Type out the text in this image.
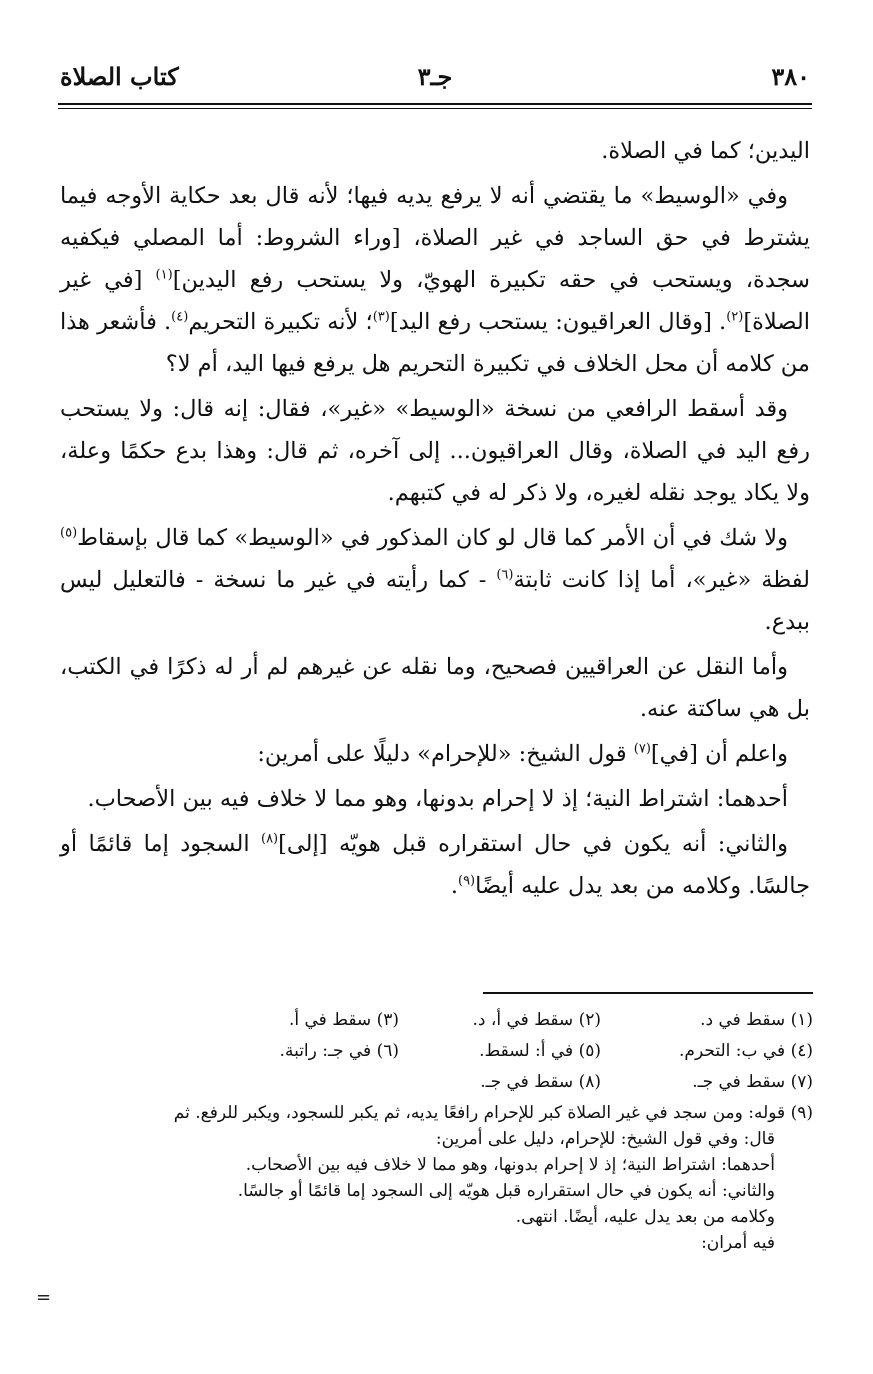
٣٨٠
جـ٣
كتاب الصلاة

اليدين؛ كما في الصلاة.

وفي «الوسيط» ما يقتضي أنه لا يرفع يديه فيها؛ لأنه قال بعد حكاية الأوجه فيما يشترط في حق الساجد في غير الصلاة، [وراء الشروط: أما المصلي فيكفيه سجدة، ويستحب في حقه تكبيرة الهويّ، ولا يستحب رفع اليدين]$^{(١)}$ [في غير الصلاة]$^{(٢)}$. [وقال العراقيون: يستحب رفع اليد]$^{(٣)}$؛ لأنه تكبيرة التحريم$^{(٤)}$. فأشعر هذا من كلامه أن محل الخلاف في تكبيرة التحريم هل يرفع فيها اليد، أم لا؟

وقد أسقط الرافعي من نسخة «الوسيط» «غير»، فقال: إنه قال: ولا يستحب رفع اليد في الصلاة، وقال العراقيون... إلى آخره، ثم قال: وهذا بدع حكمًا وعلة، ولا يكاد يوجد نقله لغيره، ولا ذكر له في كتبهم.

ولا شك في أن الأمر كما قال لو كان المذكور في «الوسيط» كما قال بإسقاط$^{(٥)}$ لفظة «غير»، أما إذا كانت ثابتة$^{(٦)}$ - كما رأيته في غير ما نسخة - فالتعليل ليس ببدع.

وأما النقل عن العراقيين فصحيح، وما نقله عن غيرهم لم أر له ذكرًا في الكتب، بل هي ساكتة عنه.

واعلم أن [في]$^{(٧)}$ قول الشيخ: «للإحرام» دليلًا على أمرين:

أحدهما: اشتراط النية؛ إذ لا إحرام بدونها، وهو مما لا خلاف فيه بين الأصحاب.

والثاني: أنه يكون في حال استقراره قبل هويّه [إلى]$^{(٨)}$ السجود إما قائمًا أو جالسًا. وكلامه من بعد يدل عليه أيضًا$^{(٩)}$.

(١) سقط في د.
(٢) سقط في أ، د.
(٣) سقط في أ.
(٤) في ب: التحرم.
(٥) في أ: لسقط.
(٦) في جـ: راتبة.
(٧) سقط في جـ.
(٨) سقط في جـ.
(٩) قوله: ومن سجد في غير الصلاة كبر للإحرام رافعًا يديه، ثم يكبر للسجود، ويكبر للرفع. ثم
قال: وفي قول الشيخ: للإحرام، دليل على أمرين:
أحدهما: اشتراط النية؛ إذ لا إحرام بدونها، وهو مما لا خلاف فيه بين الأصحاب.
والثاني: أنه يكون في حال استقراره قبل هويّه إلى السجود إما قائمًا أو جالسًا.
وكلامه من بعد يدل عليه، أيضًا. انتهى.
فيه أمران:
=
